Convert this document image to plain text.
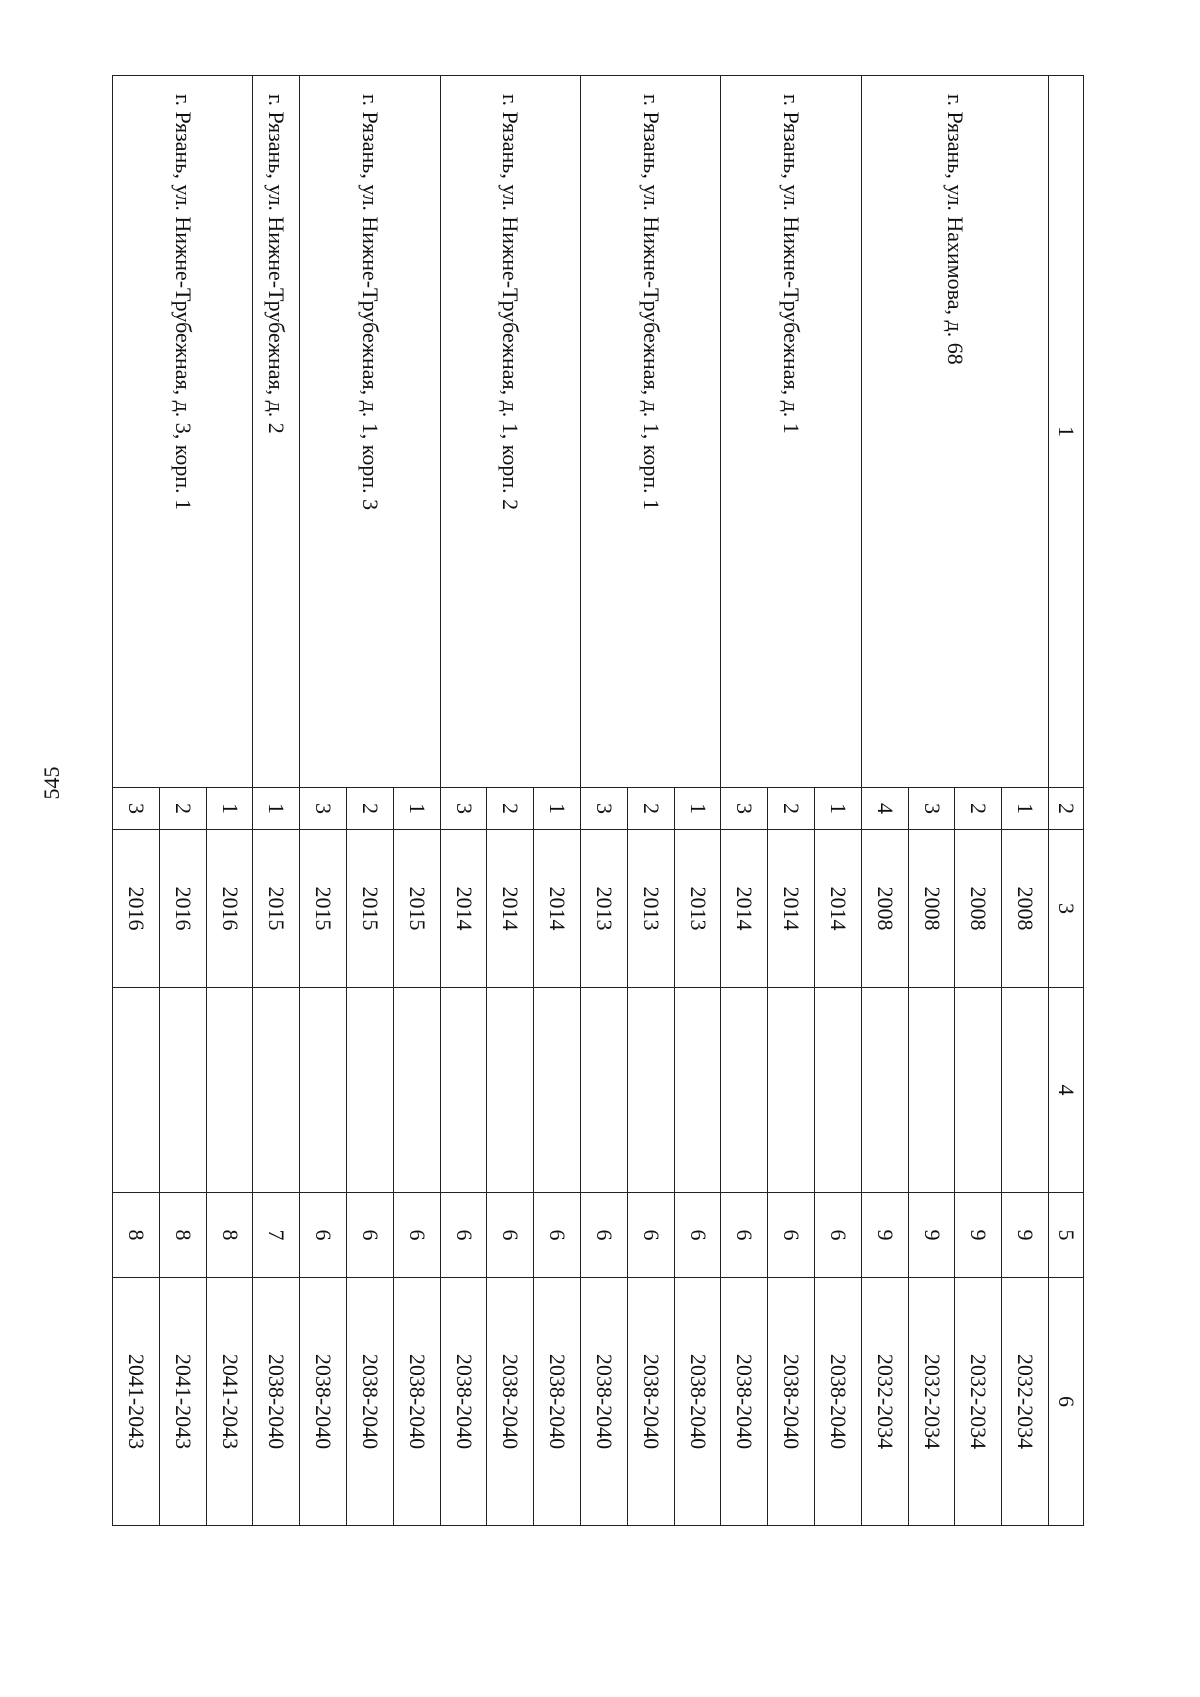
545
1	2	3	4	5	6
г. Рязань, ул. Нахимова, д. 68	1	2008		9	2032-2034
	2	2008		9	2032-2034
	3	2008		9	2032-2034
	4	2008		9	2032-2034
г. Рязань, ул. Нижне-Трубежная, д. 1	1	2014		6	2038-2040
	2	2014		6	2038-2040
	3	2014		6	2038-2040
г. Рязань, ул. Нижне-Трубежная, д. 1, корп. 1	1	2013		6	2038-2040
	2	2013		6	2038-2040
	3	2013		6	2038-2040
г. Рязань, ул. Нижне-Трубежная, д. 1, корп. 2	1	2014		6	2038-2040
	2	2014		6	2038-2040
	3	2014		6	2038-2040
г. Рязань, ул. Нижне-Трубежная, д. 1, корп. 3	1	2015		6	2038-2040
	2	2015		6	2038-2040
	3	2015		6	2038-2040
г. Рязань, ул. Нижне-Трубежная, д. 2	1	2015		7	2038-2040
г. Рязань, ул. Нижне-Трубежная, д. 3, корп. 1	1	2016		8	2041-2043
	2	2016		8	2041-2043
	3	2016		8	2041-2043
